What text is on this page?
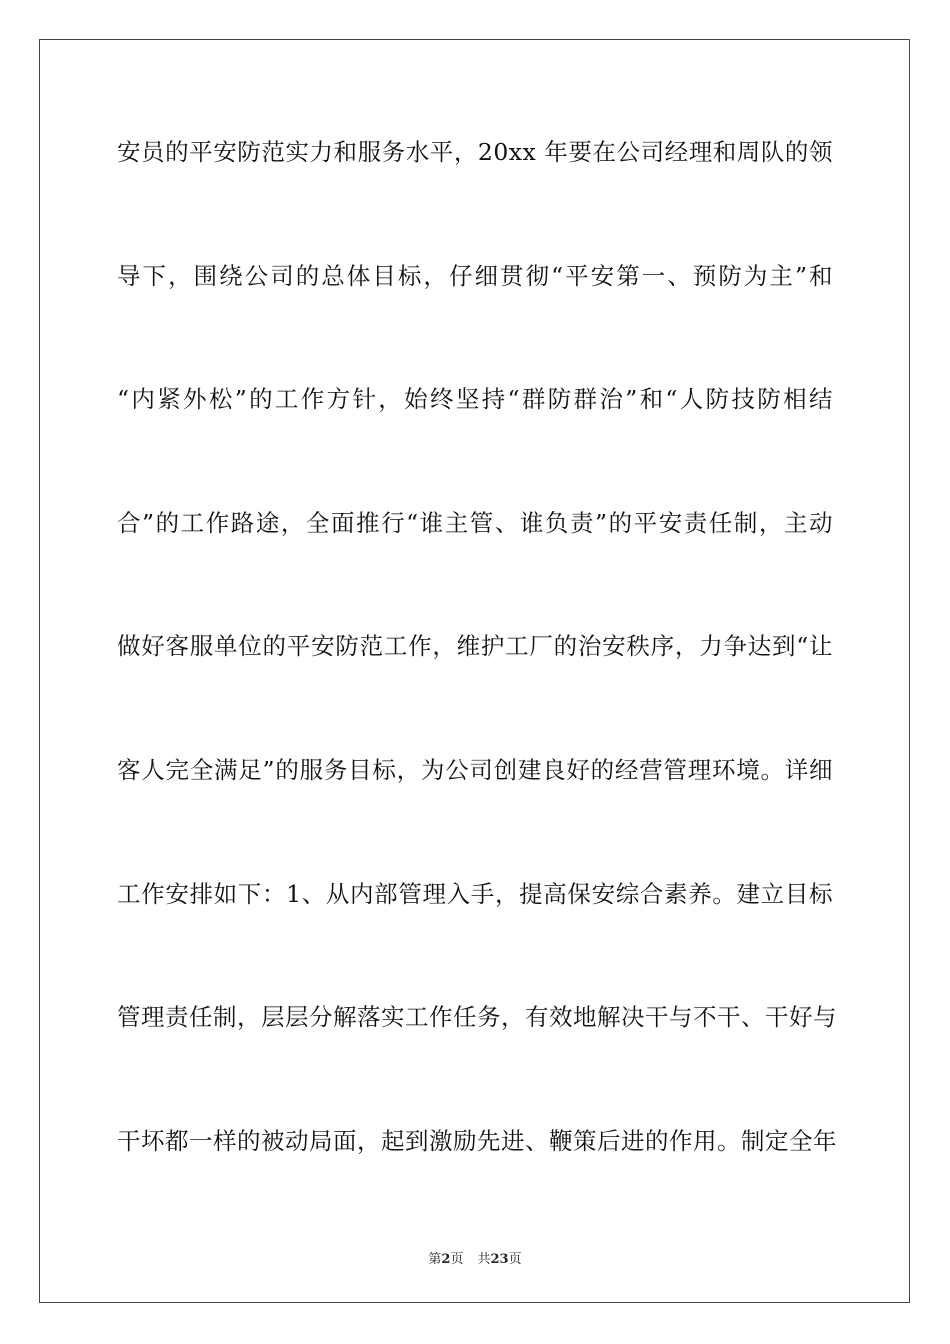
安员的平安防范实力和服务水平，20xx 年要在公司经理和周队的领
导下，围绕公司的总体目标，仔细贯彻“平安第一、预防为主”和
“内紧外松”的工作方针，始终坚持“群防群治”和“人防技防相结
合”的工作路途，全面推行“谁主管、谁负责”的平安责任制，主动
做好客服单位的平安防范工作，维护工厂的治安秩序，力争达到“让
客人完全满足”的服务目标，为公司创建良好的经营管理环境。详细
工作安排如下：1、从内部管理入手，提高保安综合素养。建立目标
管理责任制，层层分解落实工作任务，有效地解决干与不干、干好与
干坏都一样的被动局面，起到激励先进、鞭策后进的作用。制定全年
第2页 共23页
